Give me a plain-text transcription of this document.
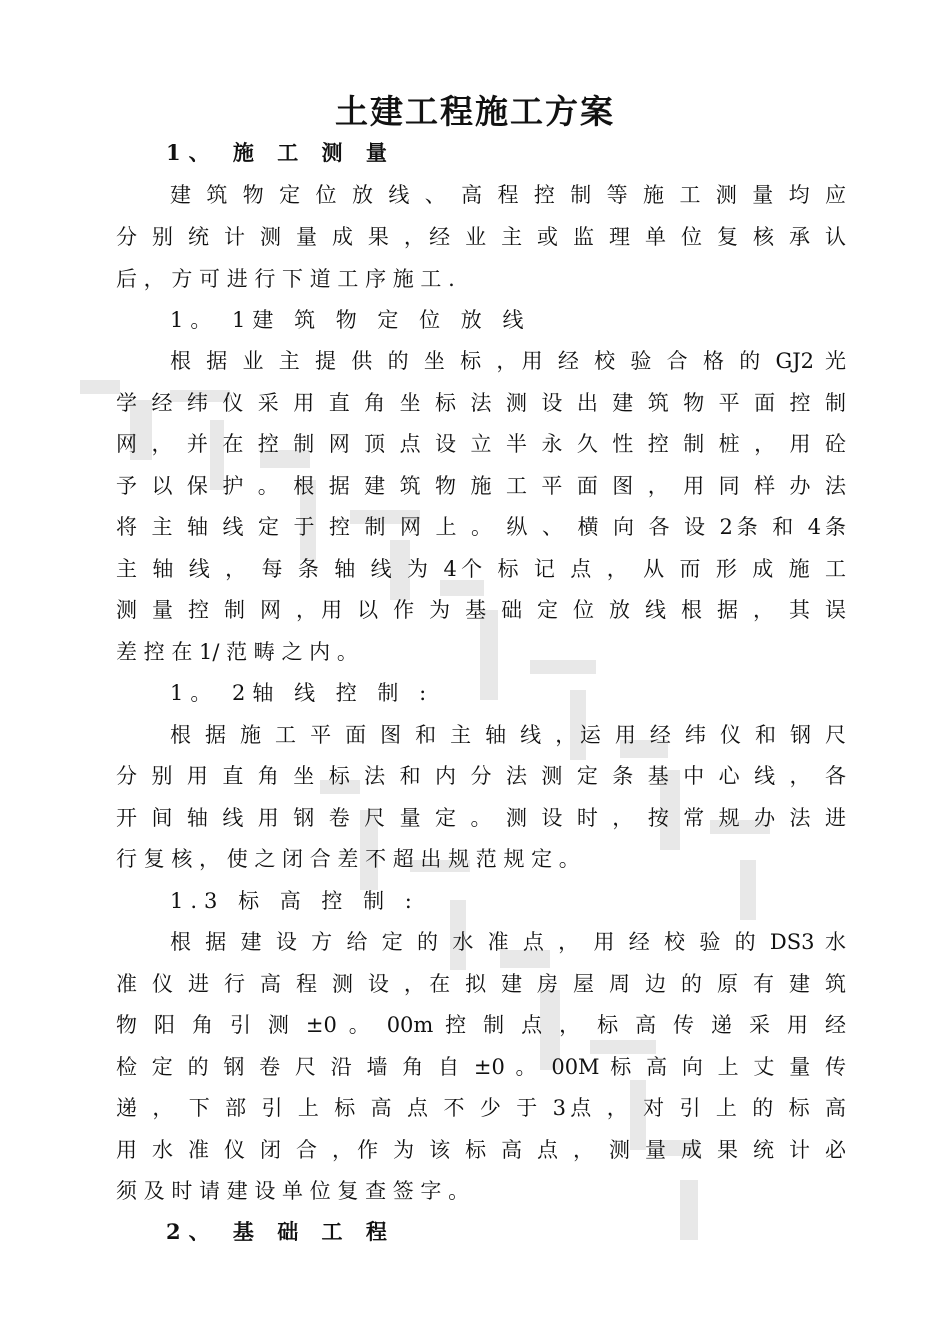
土建工程施工方案
1、 施 工 测 量
建 筑 物 定 位 放 线 、 高 程 控 制 等 施 工 测 量 均 应
分 别 统 计 测 量 成 果 ，经 业 主 或 监 理 单 位 复 核 承 认
后 ， 方 可 进 行 下 道 工 序 施 工 .
1。 1建 筑 物 定 位 放 线
根 据 业 主 提 供 的 坐 标 ，用 经 校 验 合 格 的 GJ2 光
学 经 纬 仪 采 用 直 角 坐 标 法 测 设 出 建 筑 物 平 面 控 制
网 ， 并 在 控 制 网 顶 点 设 立 半 永 久 性 控 制 桩 ， 用 砼
予 以 保 护 。 根 据 建 筑 物 施 工 平 面 图 ， 用 同 样 办 法
将 主 轴 线 定 于 控 制 网 上 。 纵 、 横 向 各 设 2条 和 4条
主 轴 线 ， 每 条 轴 线 为 4个 标 记 点 ， 从 而 形 成 施 工
测 量 控 制 网 ，用 以 作 为 基 础 定 位 放 线 根 据 ， 其 误
差 控 在 1/ 范 畴 之 内 。
1。 2轴 线 控 制 :
根 据 施 工 平 面 图 和 主 轴 线 ，运 用 经 纬 仪 和 钢 尺
分 别 用 直 角 坐 标 法 和 内 分 法 测 定 条 基 中 心 线 ， 各
开 间 轴 线 用 钢 卷 尺 量 定 。 测 设 时 ， 按 常 规 办 法 进
行 复 核 ， 使 之 闭 合 差 不 超 出 规 范 规 定 。
1.3 标 高 控 制 :
根 据 建 设 方 给 定 的 水 准 点 ， 用 经 校 验 的 DS3 水
准 仪 进 行 高 程 测 设 ，在 拟 建 房 屋 周 边 的 原 有 建 筑
物 阳 角 引 测 ±0 。 00m 控 制 点 ， 标 高 传 递 采 用 经
检 定 的 钢 卷 尺 沿 墙 角 自 ±0 。 00M 标 高 向 上 丈 量 传
递 ， 下 部 引 上 标 高 点 不 少 于 3点 ， 对 引 上 的 标 高
用 水 准 仪 闭 合 ，作 为 该 标 高 点 ， 测 量 成 果 统 计 必
须 及 时 请 建 设 单 位 复 查 签 字 。
2、 基 础 工 程
